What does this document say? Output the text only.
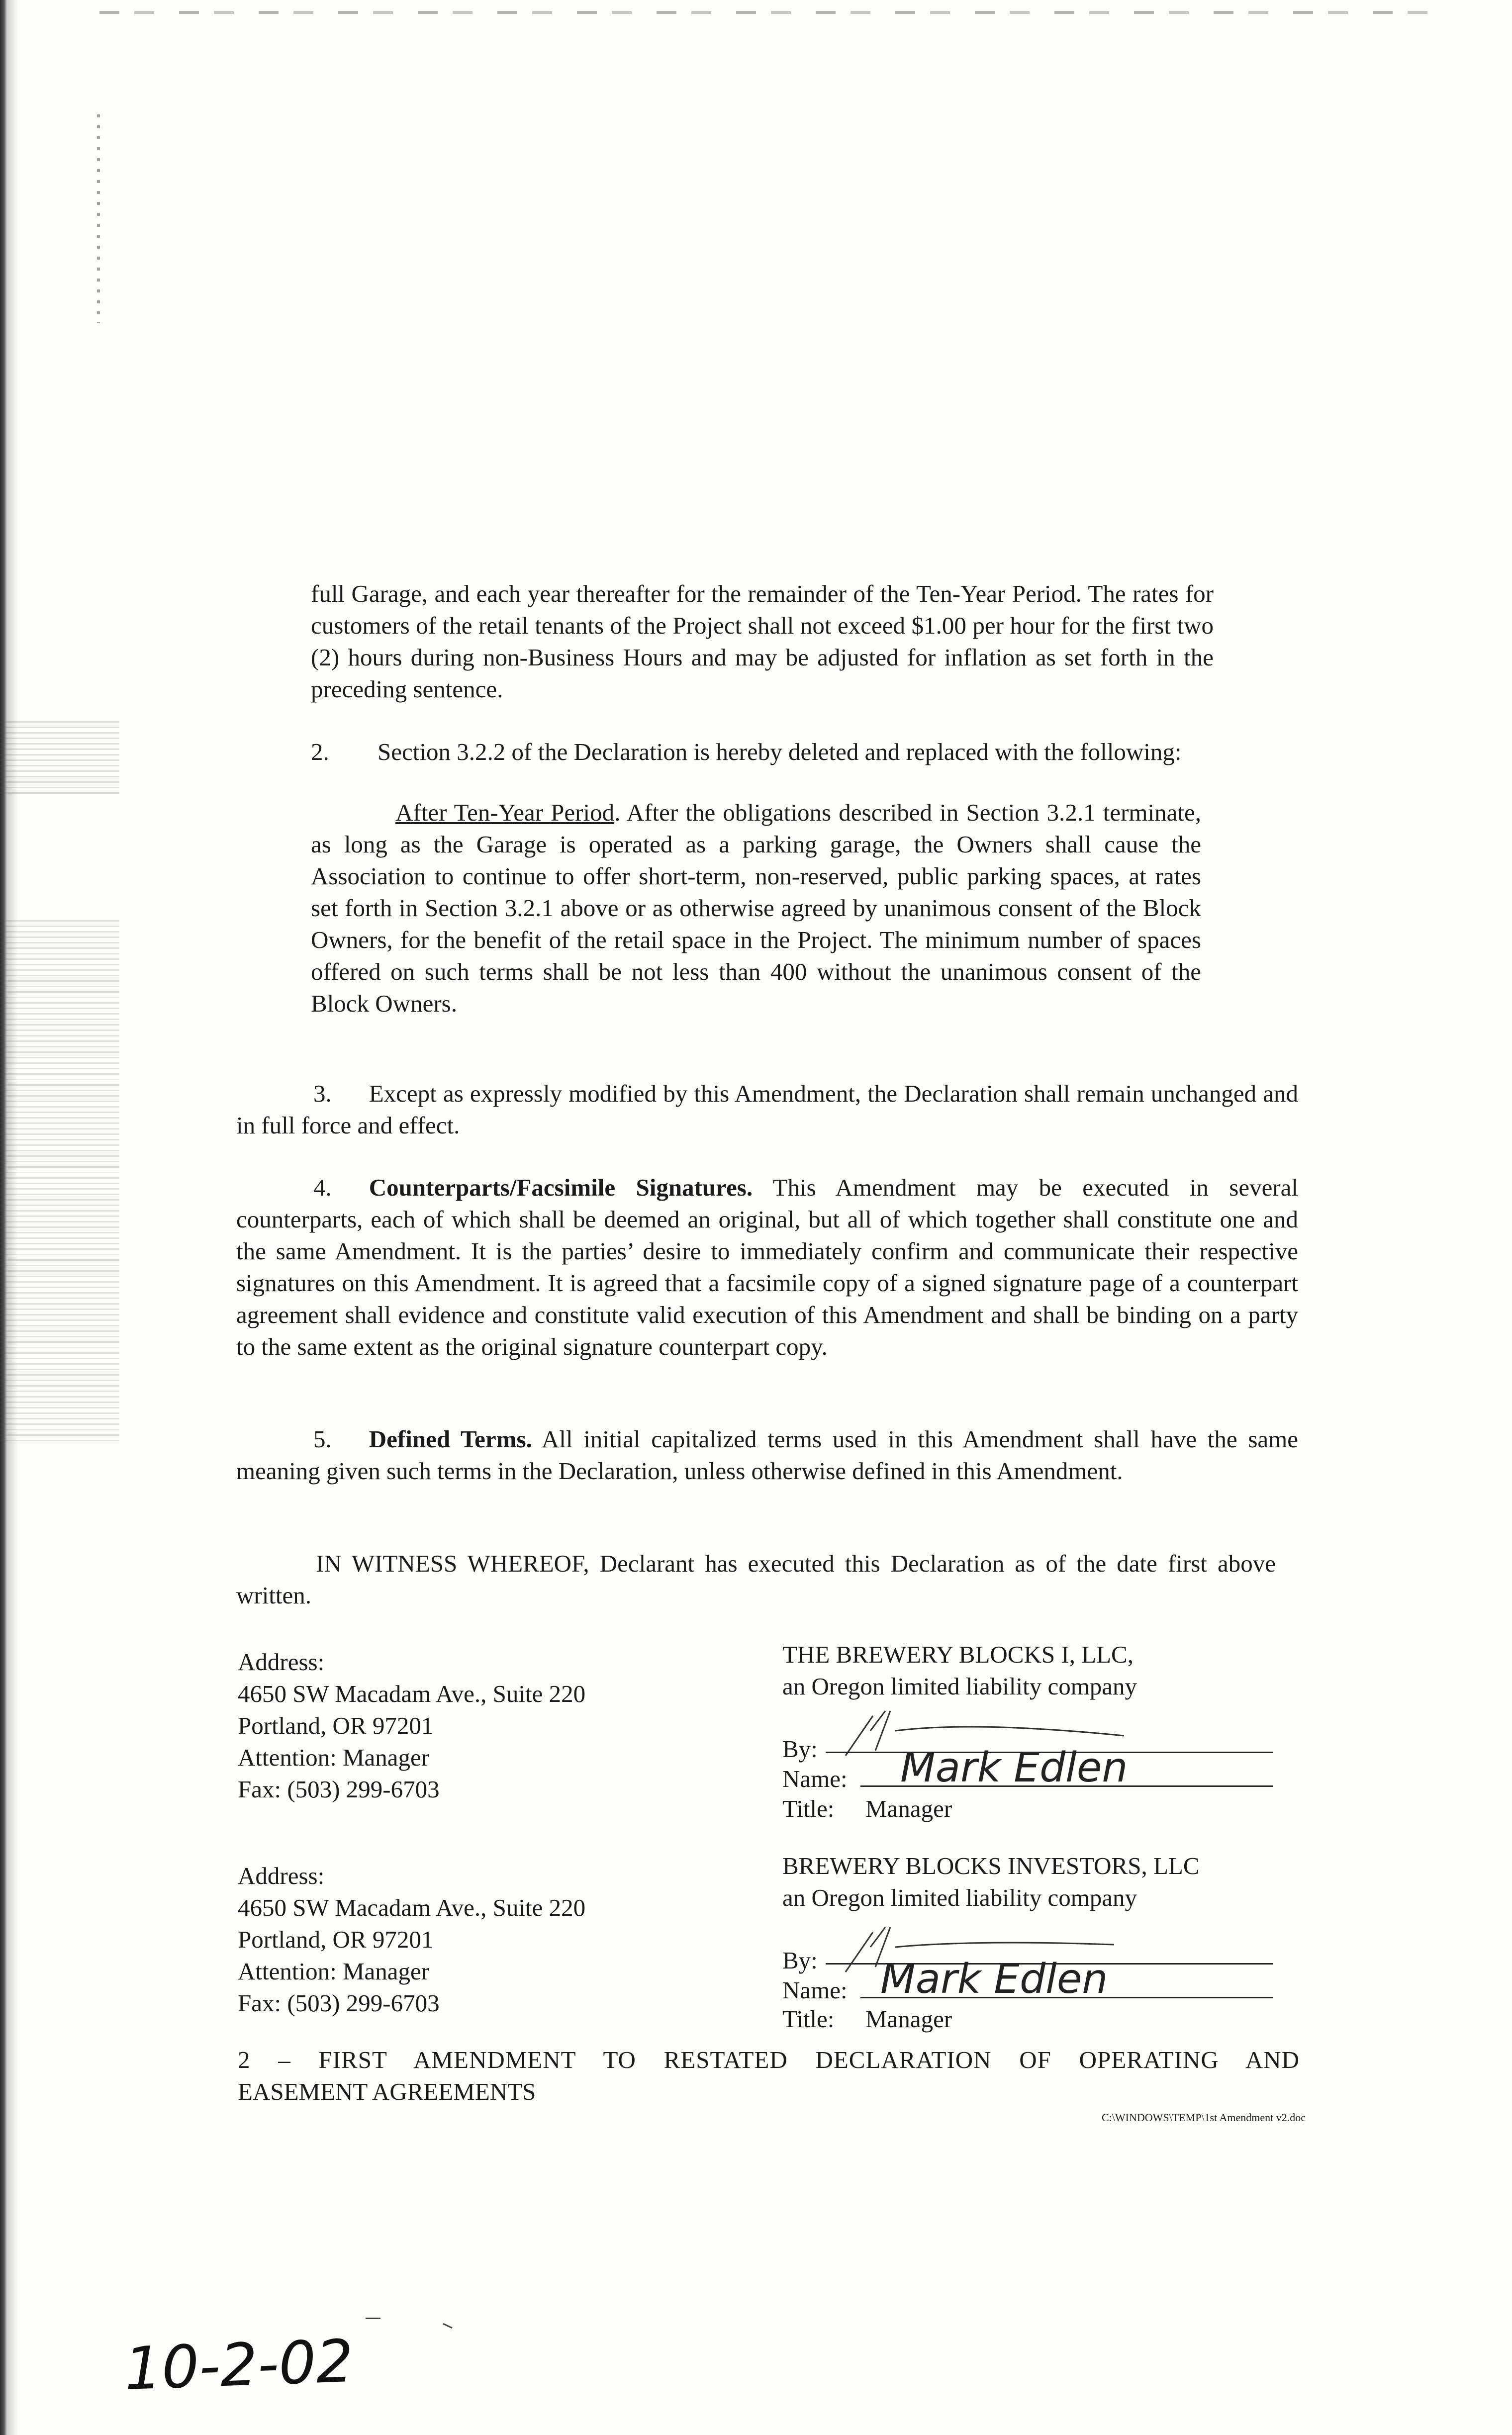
full Garage, and each year thereafter for the remainder of the Ten-Year Period. The rates for customers of the retail tenants of the Project shall not exceed $1.00 per hour for the first two (2) hours during non-Business Hours and may be adjusted for inflation as set forth in the preceding sentence.

2. Section 3.2.2 of the Declaration is hereby deleted and replaced with the following:

After Ten-Year Period. After the obligations described in Section 3.2.1 terminate, as long as the Garage is operated as a parking garage, the Owners shall cause the Association to continue to offer short-term, non-reserved, public parking spaces, at rates set forth in Section 3.2.1 above or as otherwise agreed by unanimous consent of the Block Owners, for the benefit of the retail space in the Project. The minimum number of spaces offered on such terms shall be not less than 400 without the unanimous consent of the Block Owners.

3. Except as expressly modified by this Amendment, the Declaration shall remain unchanged and in full force and effect.

4. Counterparts/Facsimile Signatures. This Amendment may be executed in several counterparts, each of which shall be deemed an original, but all of which together shall constitute one and the same Amendment. It is the parties’ desire to immediately confirm and communicate their respective signatures on this Amendment. It is agreed that a facsimile copy of a signed signature page of a counterpart agreement shall evidence and constitute valid execution of this Amendment and shall be binding on a party to the same extent as the original signature counterpart copy.

5. Defined Terms. All initial capitalized terms used in this Amendment shall have the same meaning given such terms in the Declaration, unless otherwise defined in this Amendment.

IN WITNESS WHEREOF, Declarant has executed this Declaration as of the date first above written.

Address:
4650 SW Macadam Ave., Suite 220
Portland, OR 97201
Attention: Manager
Fax: (503) 299-6703
THE BREWERY BLOCKS I, LLC,
an Oregon limited liability company
By:
Name: Mark Edlen
Title: Manager
Address:
4650 SW Macadam Ave., Suite 220
Portland, OR 97201
Attention: Manager
Fax: (503) 299-6703
BREWERY BLOCKS INVESTORS, LLC
an Oregon limited liability company
By:
Name: Mark Edlen
Title: Manager
2 – FIRST AMENDMENT TO RESTATED DECLARATION OF OPERATING AND
EASEMENT AGREEMENTS
C:\WINDOWS\TEMP\1st Amendment v2.doc
10-2-02
